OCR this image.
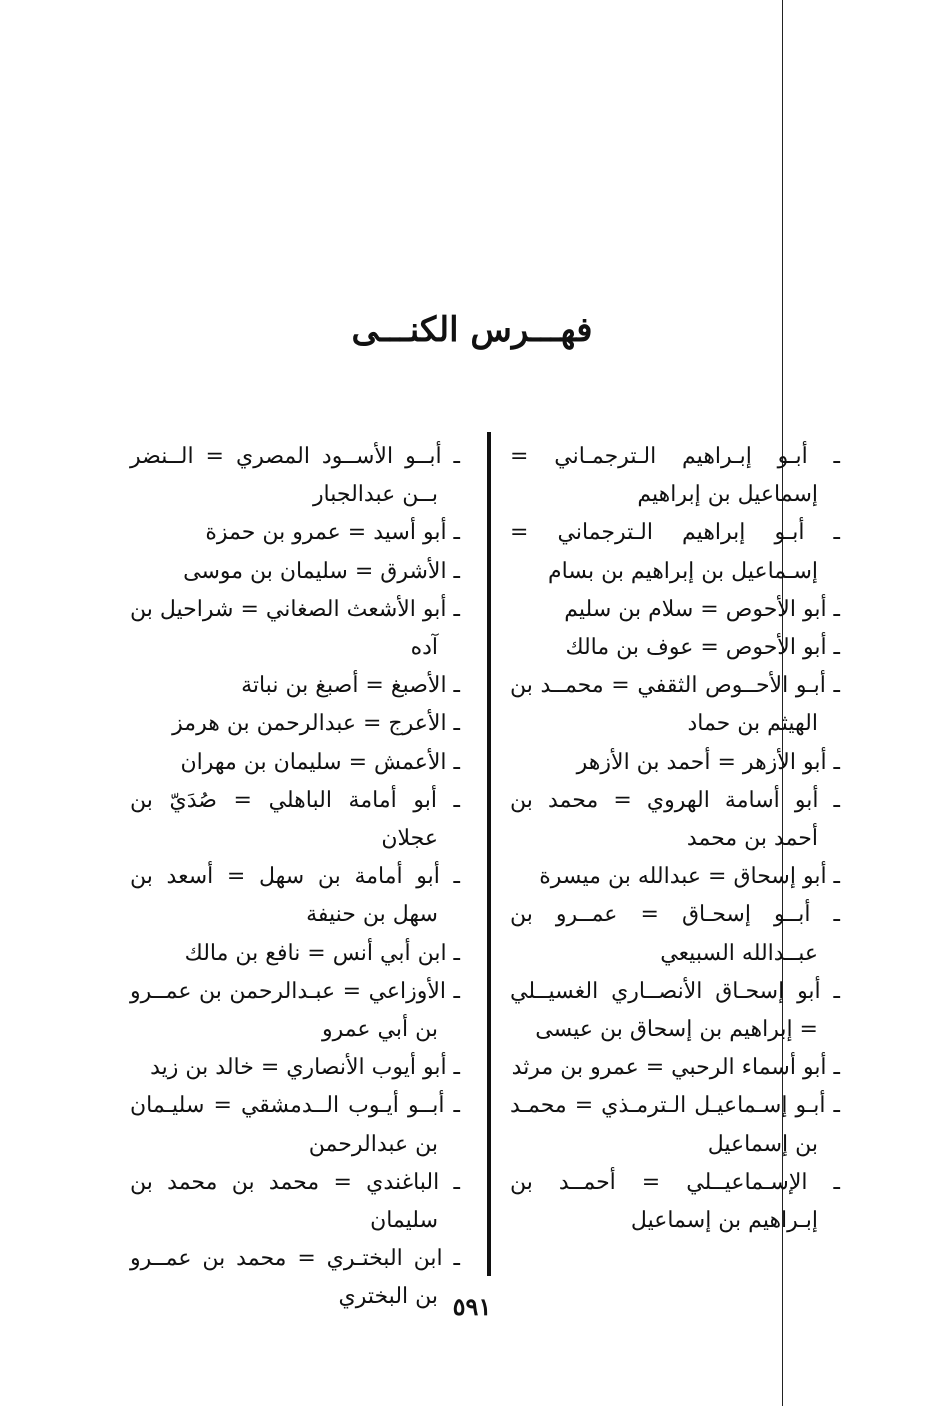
فهـــرس الكنـــى

ـ أبـو إبـراهيم الـترجمـاني = إسماعيل بن إبراهيم

ـ أبـو إبراهيم الـترجماني = إسـماعيل بن إبراهيم بن بسام

ـ أبو الأحوص = سلام بن سليم

ـ أبو الأحوص = عوف بن مالك

ـ أبـو الأحــوص الثقفي = محمــد بن الهيثم بن حماد

ـ أبو الأزهر = أحمد بن الأزهر

ـ أبو أسامة الهروي = محمد بن أحمد بن محمد

ـ أبو إسحاق = عبدالله بن ميسرة

ـ أبــو إسحـاق = عمــرو بن عبــدالله السبيعي

ـ أبو إسحـاق الأنصــاري الغسيــلي = إبراهيم بن إسحاق بن عيسى

ـ أبو أسماء الرحبي = عمرو بن مرثد

ـ أبـو إسـماعيـل الـترمـذي = محمـد بن إسماعيل

ـ الإسـماعيــلي = أحمــد بن إبـراهيم بن إسماعيل

ـ أبــو الأســود المصري = الــنضر بــن عبدالجبار

ـ أبو أسيد = عمرو بن حمزة

ـ الأشرق = سليمان بن موسى

ـ أبو الأشعث الصغاني = شراحيل بن آده

ـ الأصبغ = أصبغ بن نباتة

ـ الأعرج = عبدالرحمن بن هرمز

ـ الأعمش = سليمان بن مهران

ـ أبو أمامة الباهلي = صُدَيّ بن عجلان

ـ أبو أمامة بن سهل = أسعد بن سهل بن حنيفة

ـ ابن أبي أنس = نافع بن مالك

ـ الأوزاعي = عبـدالرحمن بن عمــرو بن أبي عمرو

ـ أبو أيوب الأنصاري = خالد بن زيد

ـ أبــو أيـوب الــدمشقي = سليـمان بن عبدالرحمن

ـ الباغندي = محمد بن محمد بن سليمان

ـ ابن البختـري = محمد بن عمــرو بن البختري ٥٩١
